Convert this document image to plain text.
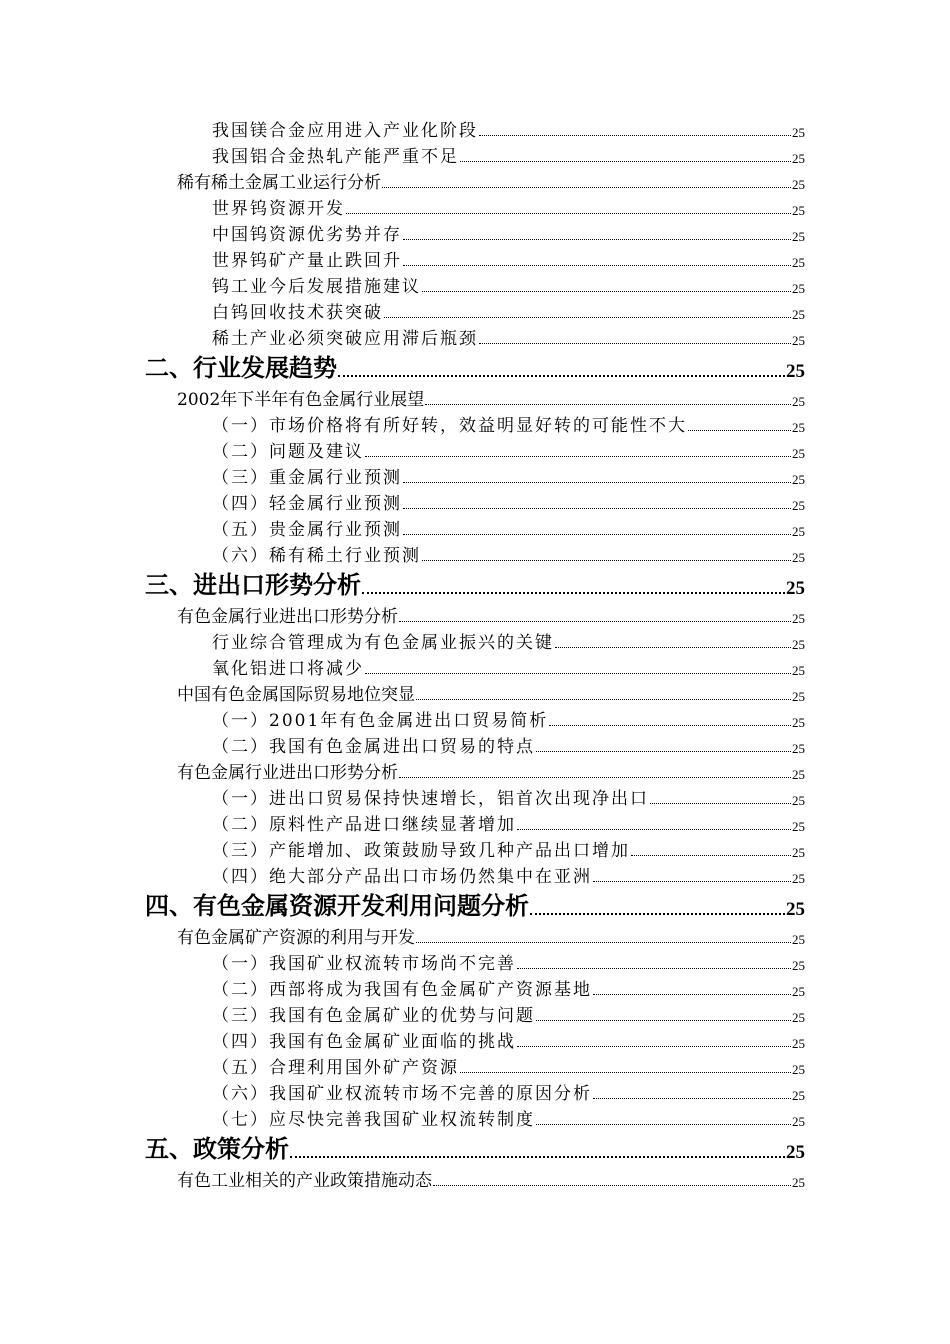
我国镁合金应用进入产业化阶段	25
我国铝合金热轧产能严重不足	25
稀有稀土金属工业运行分析	25
世界钨资源开发	25
中国钨资源优劣势并存	25
世界钨矿产量止跌回升	25
钨工业今后发展措施建议	25
白钨回收技术获突破	25
稀土产业必须突破应用滞后瓶颈	25
二、行业发展趋势	25
2002年下半年有色金属行业展望	25
（一）市场价格将有所好转，效益明显好转的可能性不大	25
（二）问题及建议	25
（三）重金属行业预测	25
（四）轻金属行业预测	25
（五）贵金属行业预测	25
（六）稀有稀土行业预测	25
三、进出口形势分析	25
有色金属行业进出口形势分析	25
行业综合管理成为有色金属业振兴的关键	25
氧化铝进口将减少	25
中国有色金属国际贸易地位突显	25
（一）2001年有色金属进出口贸易简析	25
（二）我国有色金属进出口贸易的特点	25
有色金属行业进出口形势分析	25
（一）进出口贸易保持快速增长，铝首次出现净出口	25
（二）原料性产品进口继续显著增加	25
（三）产能增加、政策鼓励导致几种产品出口增加	25
（四）绝大部分产品出口市场仍然集中在亚洲	25
四、有色金属资源开发利用问题分析	25
有色金属矿产资源的利用与开发	25
（一）我国矿业权流转市场尚不完善	25
（二）西部将成为我国有色金属矿产资源基地	25
（三）我国有色金属矿业的优势与问题	25
（四）我国有色金属矿业面临的挑战	25
（五）合理利用国外矿产资源	25
（六）我国矿业权流转市场不完善的原因分析	25
（七）应尽快完善我国矿业权流转制度	25
五、政策分析	25
有色工业相关的产业政策措施动态	25
